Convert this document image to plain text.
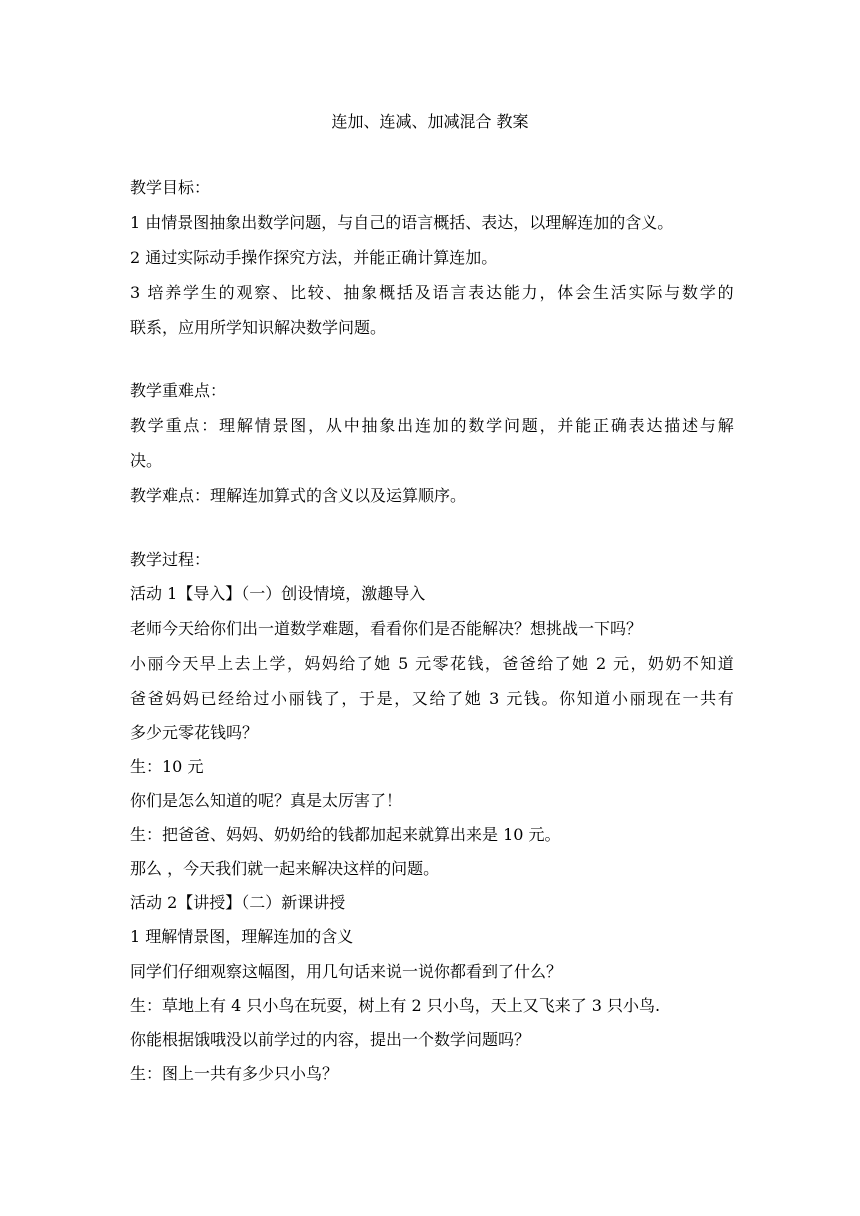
连加、连减、加减混合 教案
教学目标：
1 由情景图抽象出数学问题，与自己的语言概括、表达，以理解连加的含义。
2 通过实际动手操作探究方法，并能正确计算连加。
3 培养学生的观察、比较、抽象概括及语言表达能力，体会生活实际与数学的
联系，应用所学知识解决数学问题。
教学重难点：
教学重点：理解情景图，从中抽象出连加的数学问题，并能正确表达描述与解
决。
教学难点：理解连加算式的含义以及运算顺序。
教学过程：
活动 1【导入】（一）创设情境，激趣导入
老师今天给你们出一道数学难题，看看你们是否能解决？想挑战一下吗？
小丽今天早上去上学，妈妈给了她 5 元零花钱，爸爸给了她 2 元，奶奶不知道
爸爸妈妈已经给过小丽钱了，于是，又给了她 3 元钱。你知道小丽现在一共有
多少元零花钱吗？
生：10 元
你们是怎么知道的呢？真是太厉害了！
生：把爸爸、妈妈、奶奶给的钱都加起来就算出来是 10 元。
那么 ，今天我们就一起来解决这样的问题。
活动 2【讲授】（二）新课讲授
1 理解情景图，理解连加的含义
同学们仔细观察这幅图，用几句话来说一说你都看到了什么？
生：草地上有 4 只小鸟在玩耍，树上有 2 只小鸟，天上又飞来了 3 只小鸟.
你能根据饿哦没以前学过的内容，提出一个数学问题吗？
生：图上一共有多少只小鸟？
